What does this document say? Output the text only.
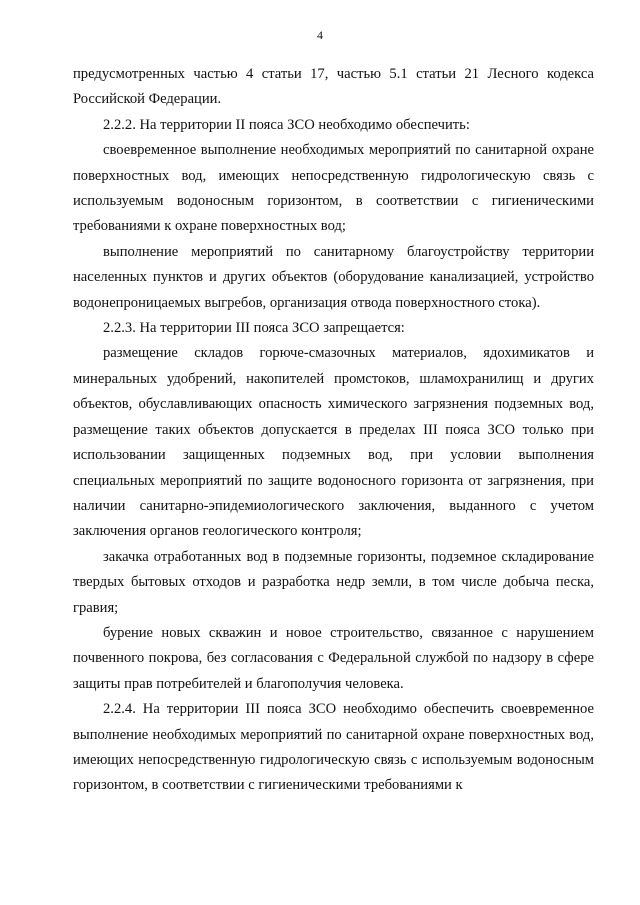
4

предусмотренных частью 4 статьи 17, частью 5.1 статьи 21 Лесного кодекса Российской Федерации.

2.2.2. На территории II пояса ЗСО необходимо обеспечить:

своевременное выполнение необходимых мероприятий по санитарной охране поверхностных вод, имеющих непосредственную гидрологическую связь с используемым водоносным горизонтом, в соответствии с гигиеническими требованиями к охране поверхностных вод;

выполнение мероприятий по санитарному благоустройству территории населенных пунктов и других объектов (оборудование канализацией, устройство водонепроницаемых выгребов, организация отвода поверхностного стока).

2.2.3. На территории III пояса ЗСО запрещается:

размещение складов горюче-смазочных материалов, ядохимикатов и минеральных удобрений, накопителей промстоков, шламохранилищ и других объектов, обуславливающих опасность химического загрязнения подземных вод, размещение таких объектов допускается в пределах III пояса ЗСО только при использовании защищенных подземных вод, при условии выполнения специальных мероприятий по защите водоносного горизонта от загрязнения, при наличии санитарно-эпидемиологического заключения, выданного с учетом заключения органов геологического контроля;

закачка отработанных вод в подземные горизонты, подземное складирование твердых бытовых отходов и разработка недр земли, в том числе добыча песка, гравия;

бурение новых скважин и новое строительство, связанное с нарушением почвенного покрова, без согласования с Федеральной службой по надзору в сфере защиты прав потребителей и благополучия человека.

2.2.4. На территории III пояса ЗСО необходимо обеспечить своевременное выполнение необходимых мероприятий по санитарной охране поверхностных вод, имеющих непосредственную гидрологическую связь с используемым водоносным горизонтом, в соответствии с гигиеническими требованиями к
